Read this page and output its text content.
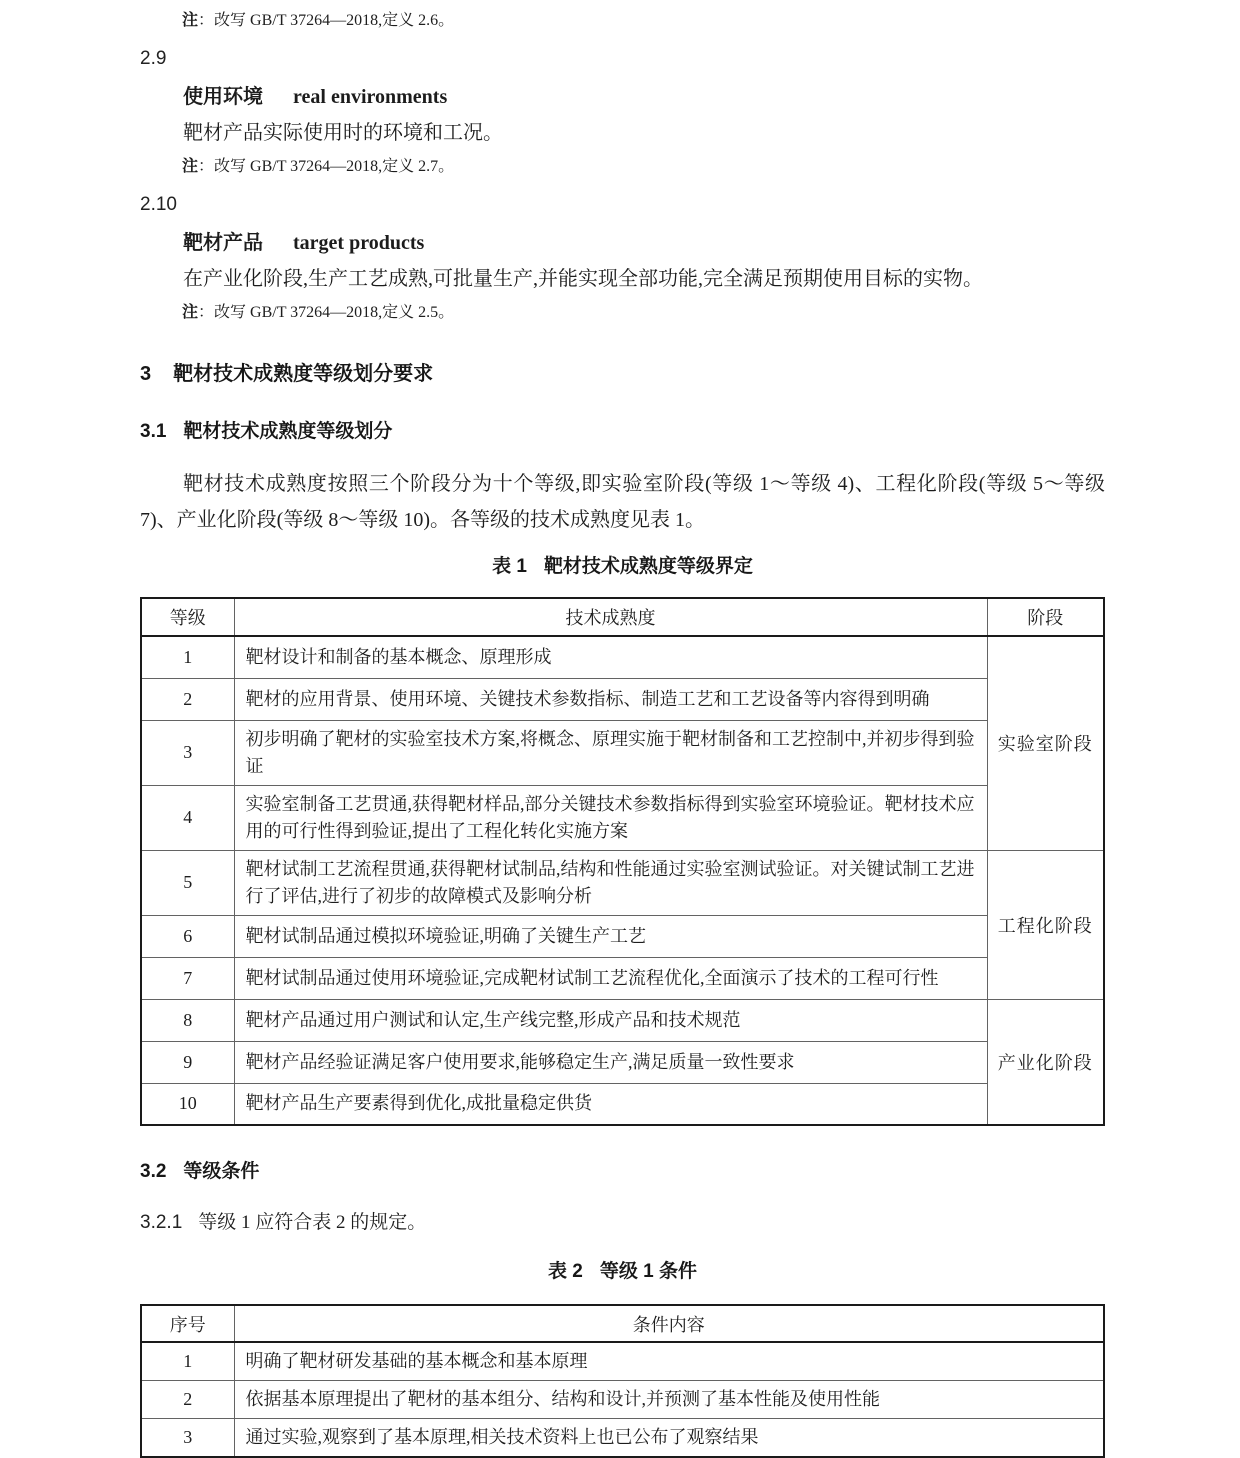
注：改写 GB/T 37264—2018,定义 2.6。

2.9

使用环境 real environments

靶材产品实际使用时的环境和工况。

注：改写 GB/T 37264—2018,定义 2.7。

2.10

靶材产品 target products

在产业化阶段,生产工艺成熟,可批量生产,并能实现全部功能,完全满足预期使用目标的实物。

注：改写 GB/T 37264—2018,定义 2.5。

3 靶材技术成熟度等级划分要求
3.1 靶材技术成熟度等级划分

靶材技术成熟度按照三个阶段分为十个等级,即实验室阶段(等级 1～等级 4)、工程化阶段(等级 5～等级 7)、产业化阶段(等级 8～等级 10)。各等级的技术成熟度见表 1。

表 1 靶材技术成熟度等级界定

等级	技术成熟度	阶段
1	靶材设计和制备的基本概念、原理形成	实验室阶段
2	靶材的应用背景、使用环境、关键技术参数指标、制造工艺和工艺设备等内容得到明确	
3	初步明确了靶材的实验室技术方案,将概念、原理实施于靶材制备和工艺控制中,并初步得到验证	
4	实验室制备工艺贯通,获得靶材样品,部分关键技术参数指标得到实验室环境验证。靶材技术应用的可行性得到验证,提出了工程化转化实施方案	
5	靶材试制工艺流程贯通,获得靶材试制品,结构和性能通过实验室测试验证。对关键试制工艺进行了评估,进行了初步的故障模式及影响分析	工程化阶段
6	靶材试制品通过模拟环境验证,明确了关键生产工艺	
7	靶材试制品通过使用环境验证,完成靶材试制工艺流程优化,全面演示了技术的工程可行性	
8	靶材产品通过用户测试和认定,生产线完整,形成产品和技术规范	产业化阶段
9	靶材产品经验证满足客户使用要求,能够稳定生产,满足质量一致性要求	
10	靶材产品生产要素得到优化,成批量稳定供货	
3.2 等级条件

3.2.1 等级 1 应符合表 2 的规定。

表 2 等级 1 条件

序号	条件内容
1	明确了靶材研发基础的基本概念和基本原理
2	依据基本原理提出了靶材的基本组分、结构和设计,并预测了基本性能及使用性能
3	通过实验,观察到了基本原理,相关技术资料上也已公布了观察结果
